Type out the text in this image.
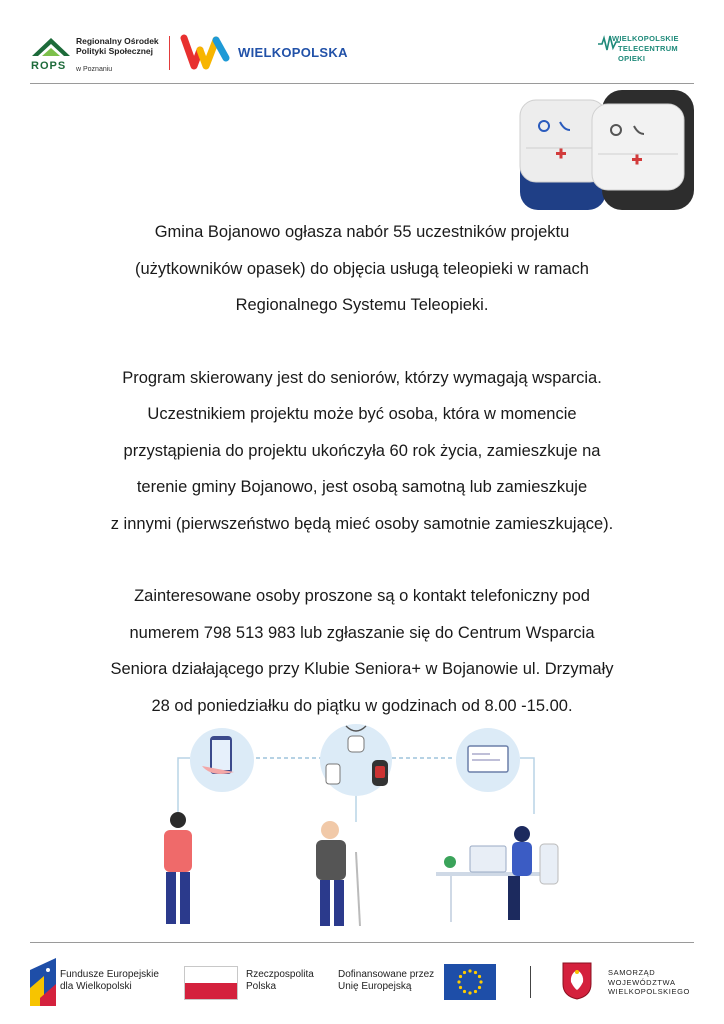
ROPS
Regionalny Ośrodek
Polityki Społecznej
w Poznaniu
WIELKOPOLSKA
WIELKOPOLSKIE
TELECENTRUM
OPIEKI
Gmina Bojanowo ogłasza nabór 55 uczestników projektu
(użytkowników opasek) do objęcia usługą teleopieki w ramach
Regionalnego Systemu Teleopieki.
Program skierowany jest do seniorów, którzy wymagają wsparcia.
Uczestnikiem projektu może być osoba, która w momencie
przystąpienia do projektu ukończyła 60 rok życia, zamieszkuje na
terenie gminy Bojanowo, jest osobą samotną lub zamieszkuje
z innymi (pierwszeństwo będą mieć osoby samotnie zamieszkujące).
Zainteresowane osoby proszone są o kontakt telefoniczny pod
numerem 798 513 983 lub zgłaszanie się do Centrum Wsparcia
Seniora działającego przy Klubie Seniora+ w Bojanowie ul. Drzymały
28 od poniedziałku do piątku w godzinach od 8.00 -15.00.
Fundusze Europejskie
dla Wielkopolski
Rzeczpospolita
Polska
Dofinansowane przez
Unię Europejską
SAMORZĄD
WOJEWÓDZTWA
WIELKOPOLSKIEGO
